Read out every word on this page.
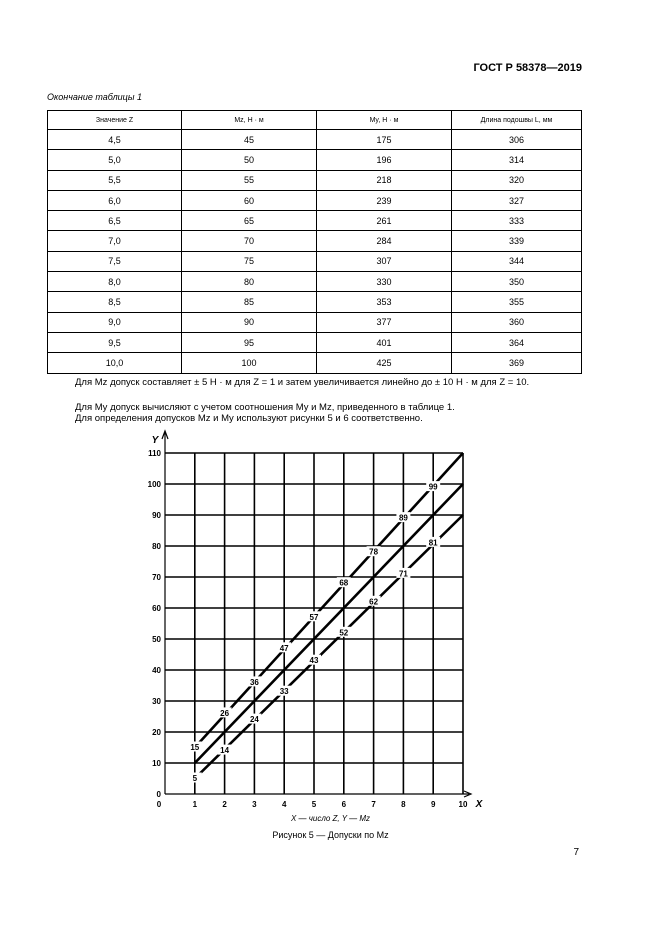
ГОСТ Р 58378—2019
Окончание таблицы 1
Значение Z	Mz, Н · м	My, Н · м	Длина подошвы L, мм
4,5	45	175	306
5,0	50	196	314
5,5	55	218	320
6,0	60	239	327
6,5	65	261	333
7,0	70	284	339
7,5	75	307	344
8,0	80	330	350
8,5	85	353	355
9,0	90	377	360
9,5	95	401	364
10,0	100	425	369
Для Mz допуск составляет ± 5 Н · м для Z = 1 и затем увеличивается линейно до ± 10 Н · м для Z = 10.
Для My допуск вычисляют с учетом соотношения My и Mz, приведенного в таблице 1.
Для определения допусков Mz и My используют рисунки 5 и 6 соответственно.
0
10
20
30
40
50
60
70
80
90
100
110
0	1	2	3	4	5	6	7	8	9	10
Y
X
15
5
26
14
36
24
33
47
43
57
52
68
62
78
71
89
81
99
X — число Z, Y — Mz
Рисунок 5 — Допуски по Mz
7
